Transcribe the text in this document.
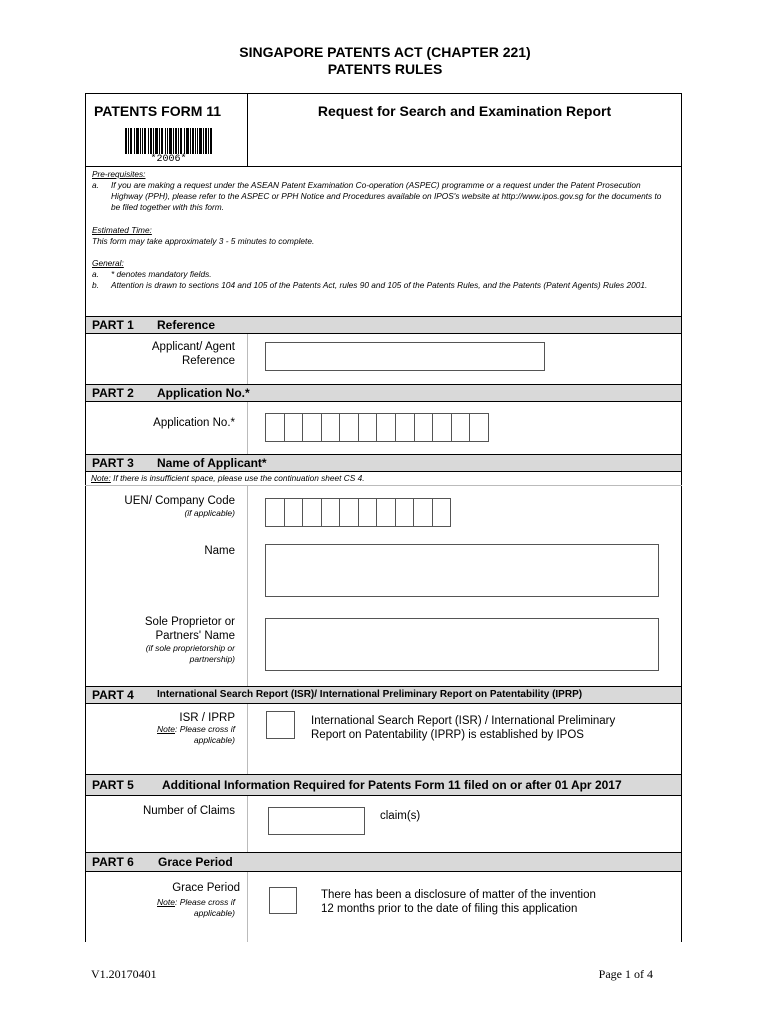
SINGAPORE PATENTS ACT (CHAPTER 221)
PATENTS RULES
PATENTS FORM 11	Request for Search and Examination Report
*2006*
Pre-requisites:
a. If you are making a request under the ASEAN Patent Examination Co-operation (ASPEC) programme or a request under the Patent Prosecution Highway (PPH), please refer to the ASPEC or PPH Notice and Procedures available on IPOS's website at http://www.ipos.gov.sg for the documents to be filed together with this form.
Estimated Time:
This form may take approximately 3 - 5 minutes to complete.
General:
a. * denotes mandatory fields.
b. Attention is drawn to sections 104 and 105 of the Patents Act, rules 90 and 105 of the Patents Rules, and the Patents (Patent Agents) Rules 2001.
PART 1 Reference
Applicant/ Agent
Reference
PART 2 Application No.*
Application No.*
PART 3 Name of Applicant*
Note: If there is insufficient space, please use the continuation sheet CS 4.
UEN/ Company Code
(if applicable)
Name
Sole Proprietor or
Partners' Name
(if sole proprietorship or
partnership)
PART 4 International Search Report (ISR)/ International Preliminary Report on Patentability (IPRP)
ISR / IPRP
Note: Please cross if
applicable)
International Search Report (ISR) / International Preliminary
Report on Patentability (IPRP) is established by IPOS
PART 5 Additional Information Required for Patents Form 11 filed on or after 01 Apr 2017
Number of Claims	claim(s)
PART 6 Grace Period
Grace Period
Note: Please cross if
applicable)
There has been a disclosure of matter of the invention
12 months prior to the date of filing this application
V1.20170401	Page 1 of 4
